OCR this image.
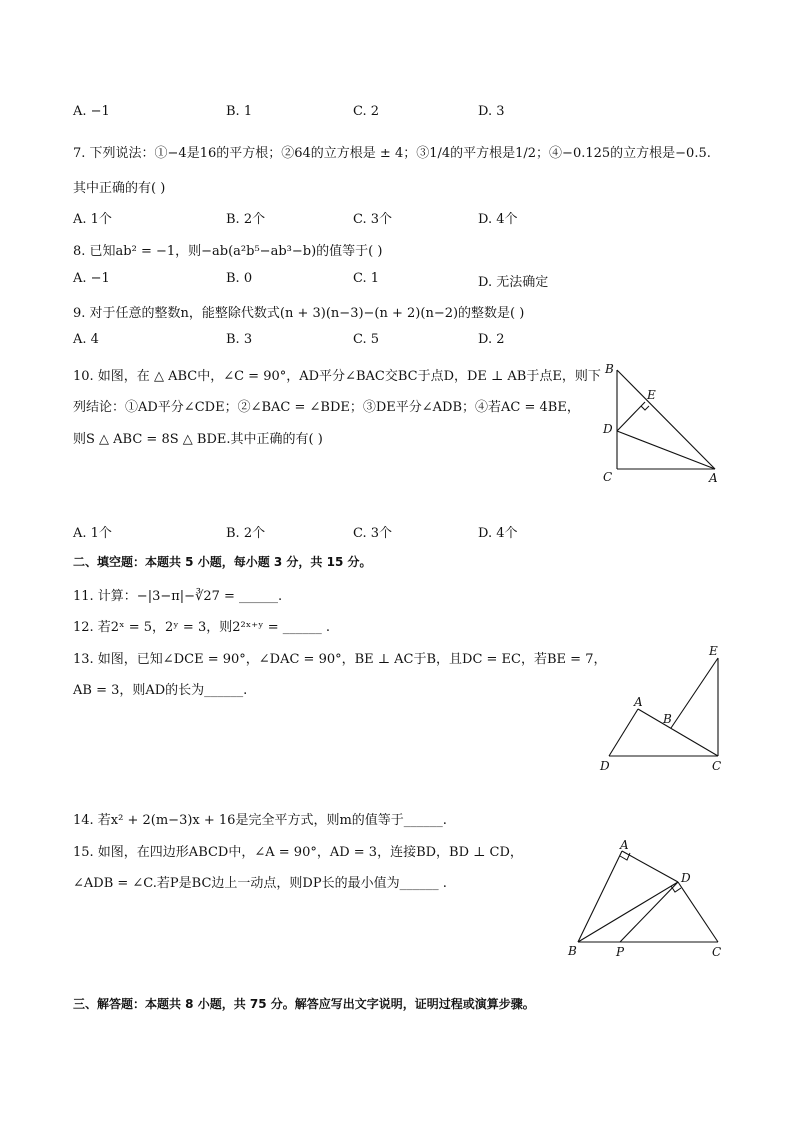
A. −1	B. 1	C. 2	D. 3
7. 下列说法：①−4是16的平方根；②64的立方根是 ± 4；③1/4的平方根是1/2；④−0.125的立方根是−0.5.
其中正确的有( )
A. 1个	B. 2个	C. 3个	D. 4个
8. 已知ab² = −1，则−ab(a²b⁵−ab³−b)的值等于( )
A. −1	B. 0	C. 1	D. 无法确定
9. 对于任意的整数n，能整除代数式(n + 3)(n−3)−(n + 2)(n−2)的整数是( )
A. 4	B. 3	C. 5	D. 2
10. 如图，在 △ ABC中，∠C = 90°，AD平分∠BAC交BC于点D，DE ⊥ AB于点E，则下
列结论：①AD平分∠CDE；②∠BAC = ∠BDE；③DE平分∠ADB；④若AC = 4BE，
则S △ ABC = 8S △ BDE.其中正确的有( )
A. 1个	B. 2个	C. 3个	D. 4个
B
E
D
C	A
二、填空题：本题共 5 小题，每小题 3 分，共 15 分。
11. 计算：−|3−π|−∛27 = ______.
12. 若2ˣ = 5，2ʸ = 3，则2²ˣ⁺ʸ = ______ .
13. 如图，已知∠DCE = 90°，∠DAC = 90°，BE ⊥ AC于B，且DC = EC，若BE = 7，
AB = 3，则AD的长为______.
E
A
B
D	C
14. 若x² + 2(m−3)x + 16是完全平方式，则m的值等于______.
15. 如图，在四边形ABCD中，∠A = 90°，AD = 3，连接BD，BD ⊥ CD，
∠ADB = ∠C.若P是BC边上一动点，则DP长的最小值为______ .
A
D
B	P	C
三、解答题：本题共 8 小题，共 75 分。解答应写出文字说明，证明过程或演算步骤。
